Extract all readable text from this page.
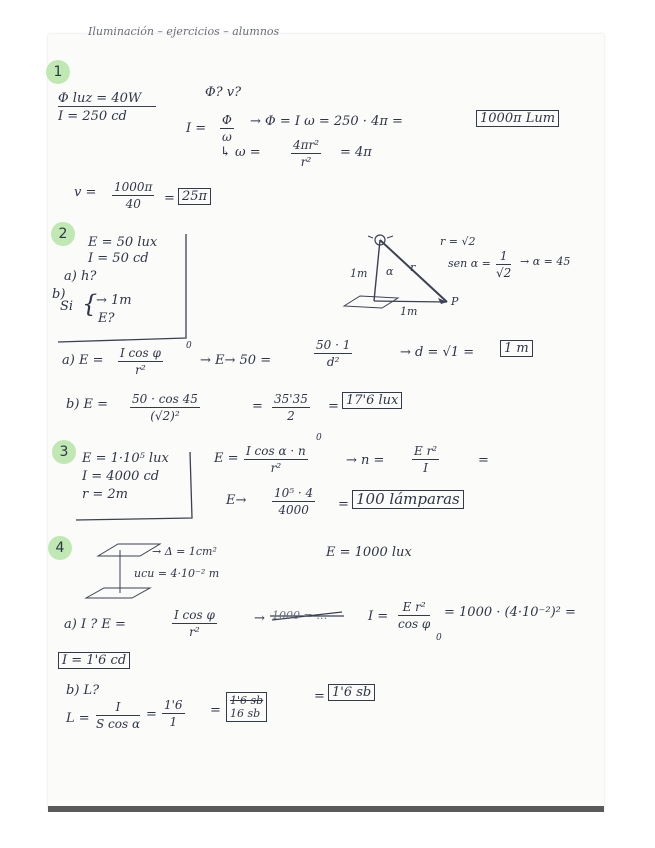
Iluminación – ejercicios – alumnos
1
2
3
4
Φ luz = 40W
I = 250 cd
Φ? v?
$I = \frac{\Phi}{\omega} \to \Phi = I$ ω = 250 · 4π =	1000π Lum
↳ ω =	$\frac{\text{4πr²}}{\text{r²}} = 4\pi$
$v = \frac{1000\pi}{40} = 25\pi$
E = 50 lux
I = 50 cd
a) h?
b)
Si {
→ 1m
E?
r = √2
sen $\alpha = \frac{1}{√2} \to \alpha = 45$
1m α r
1m
P
a) $E = \frac{\text{I cos φ}}{\text{r²}}$	0
→ E→ 50 =	$\frac{50 \cdot 1}{\text{d²}}$	→ d = √1 =	1 m
b) $E = \frac{50 \cdot \cos 45}{\text{(√2)²}}$	= $\frac{35'35}{2} = 17'6$ lux
E = 1·10⁵ lux
I = 4000 cd
r = 2m
$E = \frac{\text{I cos α · n}}{\text{r²}}$
0
→ $n = \frac{\text{E r²}}{I}$	=
$E\to \frac{\text{10⁵ · 4}}{4000} = 100$ lámparas
→ Δ = 1cm²
ucu = 4·10⁻² m
E = 1000 lux
a) I ? E =	$\frac{\text{I cos φ}}{\text{r²}}$	→ 1000 = …	$I = \frac{\text{E r²}}{\text{cos φ}}$
0
= 1000 · (4·10⁻²)² =
I = 1'6 cd
b) L?
$L = \frac{I}{\text{S cos α}} = \frac{1'6}{1}$ =
1'6 sb
16 sb
= 1'6 sb
